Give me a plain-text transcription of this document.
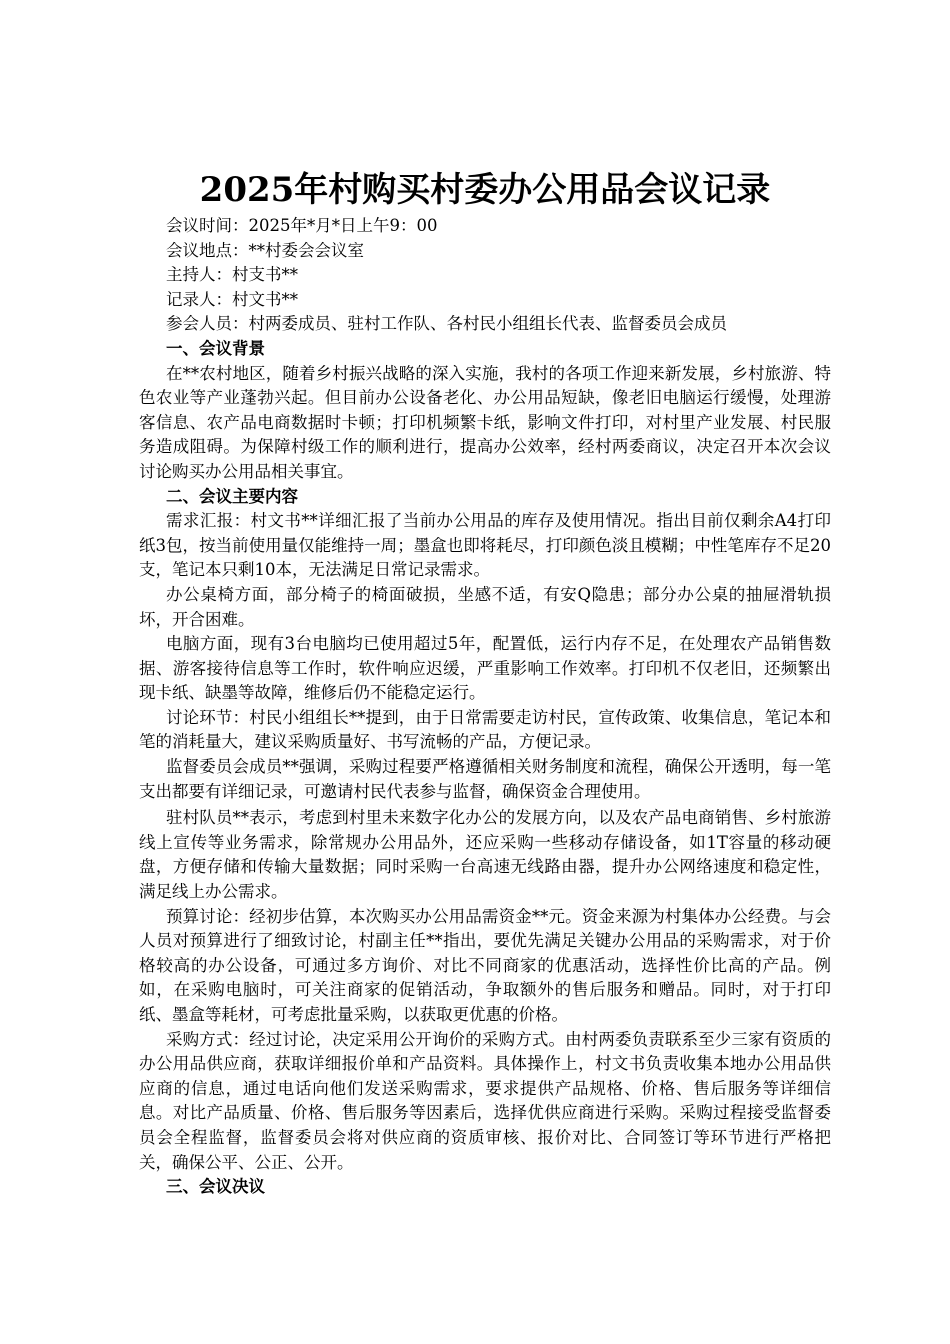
2025年村购买村委办公用品会议记录

会议时间：2025年*月*日上午9：00

会议地点：**村委会会议室

主持人：村支书**

记录人：村文书**

参会人员：村两委成员、驻村工作队、各村民小组组长代表、监督委员会成员

一、会议背景

在**农村地区，随着乡村振兴战略的深入实施，我村的各项工作迎来新发展，乡村旅游、特色农业等产业蓬勃兴起。但目前办公设备老化、办公用品短缺，像老旧电脑运行缓慢，处理游客信息、农产品电商数据时卡顿；打印机频繁卡纸，影响文件打印，对村里产业发展、村民服务造成阻碍。为保障村级工作的顺利进行，提高办公效率，经村两委商议，决定召开本次会议讨论购买办公用品相关事宜。

二、会议主要内容

需求汇报：村文书**详细汇报了当前办公用品的库存及使用情况。指出目前仅剩余A4打印纸3包，按当前使用量仅能维持一周；墨盒也即将耗尽，打印颜色淡且模糊；中性笔库存不足20支，笔记本只剩10本，无法满足日常记录需求。

办公桌椅方面，部分椅子的椅面破损，坐感不适，有安Q隐患；部分办公桌的抽屉滑轨损坏，开合困难。

电脑方面，现有3台电脑均已使用超过5年，配置低，运行内存不足，在处理农产品销售数据、游客接待信息等工作时，软件响应迟缓，严重影响工作效率。打印机不仅老旧，还频繁出现卡纸、缺墨等故障，维修后仍不能稳定运行。

讨论环节：村民小组组长**提到，由于日常需要走访村民，宣传政策、收集信息，笔记本和笔的消耗量大，建议采购质量好、书写流畅的产品，方便记录。

监督委员会成员**强调，采购过程要严格遵循相关财务制度和流程，确保公开透明，每一笔支出都要有详细记录，可邀请村民代表参与监督，确保资金合理使用。

驻村队员**表示，考虑到村里未来数字化办公的发展方向，以及农产品电商销售、乡村旅游线上宣传等业务需求，除常规办公用品外，还应采购一些移动存储设备，如1T容量的移动硬盘，方便存储和传输大量数据；同时采购一台高速无线路由器，提升办公网络速度和稳定性，满足线上办公需求。

预算讨论：经初步估算，本次购买办公用品需资金**元。资金来源为村集体办公经费。与会人员对预算进行了细致讨论，村副主任**指出，要优先满足关键办公用品的采购需求，对于价格较高的办公设备，可通过多方询价、对比不同商家的优惠活动，选择性价比高的产品。例如，在采购电脑时，可关注商家的促销活动，争取额外的售后服务和赠品。同时，对于打印纸、墨盒等耗材，可考虑批量采购，以获取更优惠的价格。

采购方式：经过讨论，决定采用公开询价的采购方式。由村两委负责联系至少三家有资质的办公用品供应商，获取详细报价单和产品资料。具体操作上，村文书负责收集本地办公用品供应商的信息，通过电话向他们发送采购需求，要求提供产品规格、价格、售后服务等详细信息。对比产品质量、价格、售后服务等因素后，选择优供应商进行采购。采购过程接受监督委员会全程监督，监督委员会将对供应商的资质审核、报价对比、合同签订等环节进行严格把关，确保公平、公正、公开。

三、会议决议
